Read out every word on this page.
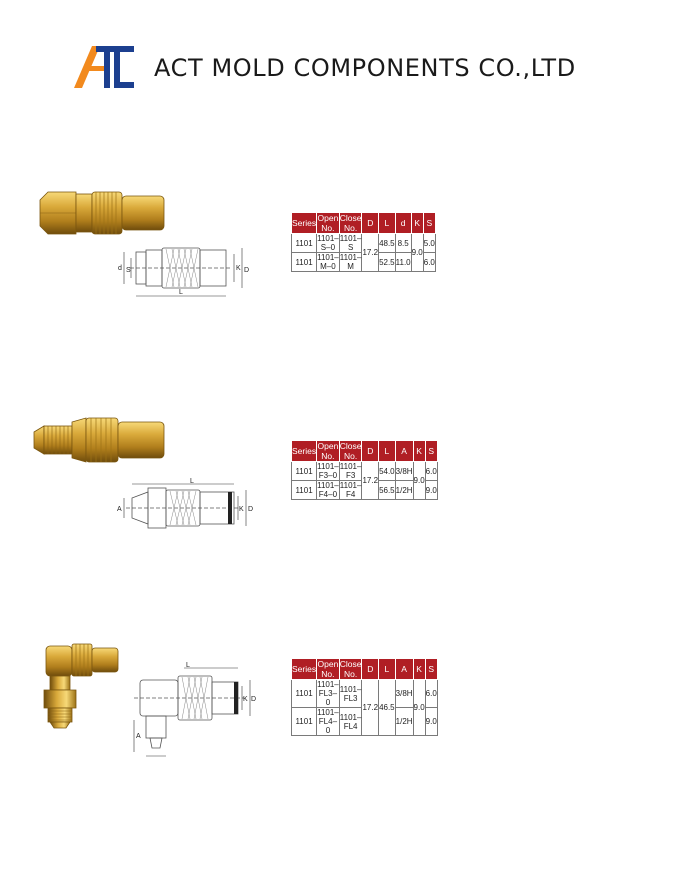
ACT MOLD COMPONENTS CO.,LTD
d S	K D
L
Series	Open No.	Close No.	D	L	d	K	S
1101	1101–S–0	1101–S	17.2	48.5	8.5	9.0	5.0
1101	1101–M–0	1101–M		52.5	11.0		6.0
L
A	K D
Series	Open No.	Close No.	D	L	A	K	S
1101	1101–F3–0	1101–F3	17.2	54.0	3/8H	9.0	6.0
1101	1101–F4–0	1101–F4		56.5	1/2H		9.0
L
A
K D
Series	Open No.	Close No.	D	L	A	K	S
1101	1101–FL3–0	1101–FL3	17.2	46.5	3/8H	9.0	6.0
1101	1101–FL4–0	1101–FL4			1/2H		9.0
